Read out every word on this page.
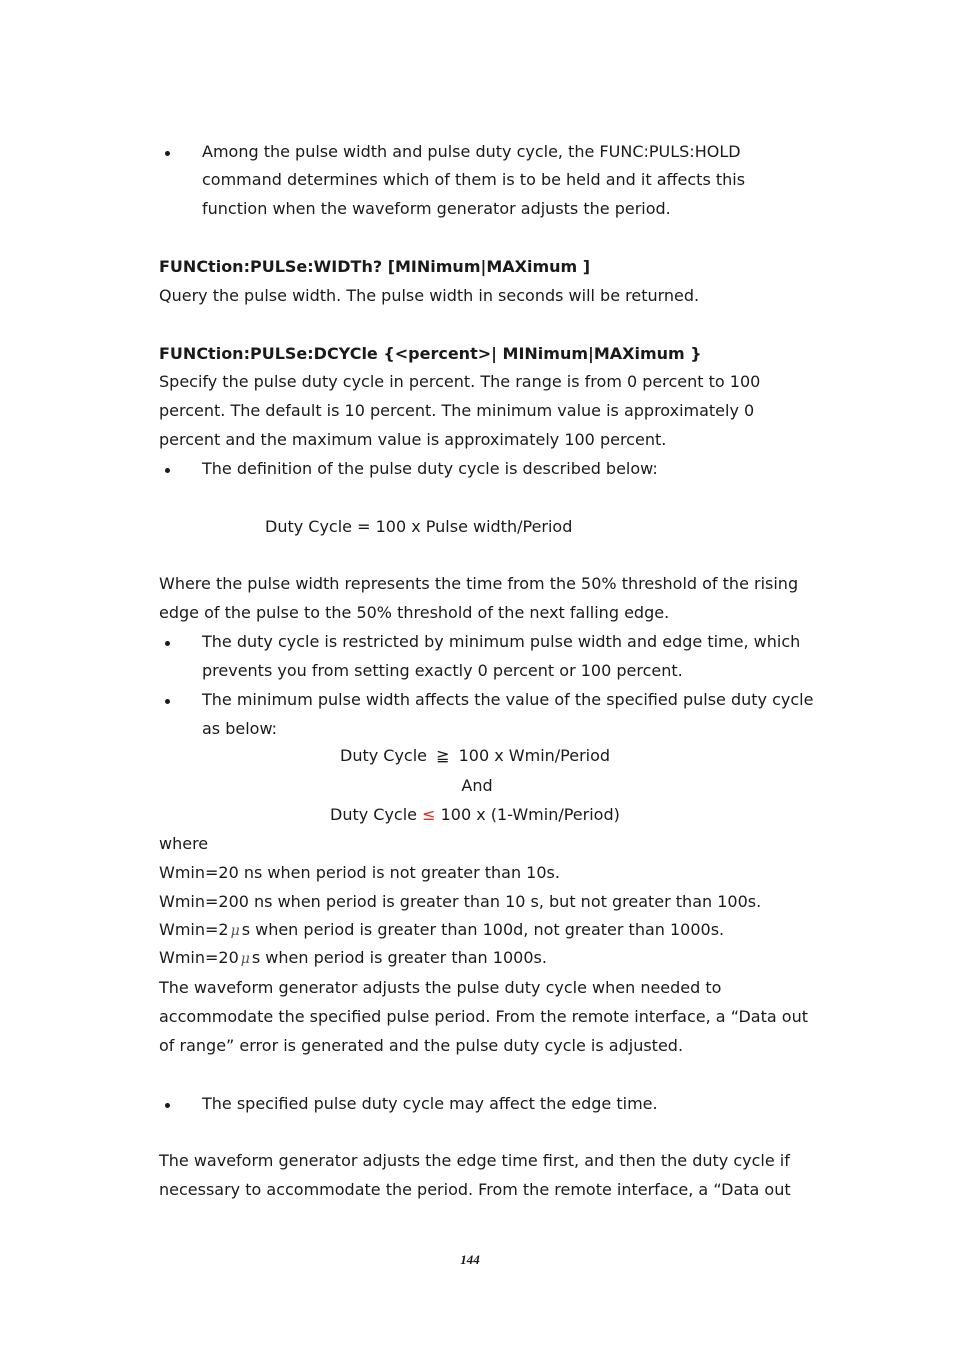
Among the pulse width and pulse duty cycle, the FUNC:PULS:HOLD

command determines which of them is to be held and it affects this

function when the waveform generator adjusts the period.

FUNCtion:PULSe:WIDTh? [MINimum|MAXimum ]

Query the pulse width. The pulse width in seconds will be returned.

FUNCtion:PULSe:DCYCle {<percent>| MINimum|MAXimum }

Specify the pulse duty cycle in percent. The range is from 0 percent to 100

percent. The default is 10 percent. The minimum value is approximately 0

percent and the maximum value is approximately 100 percent.

The definition of the pulse duty cycle is described below:

Duty Cycle = 100 x Pulse width/Period

Where the pulse width represents the time from the 50% threshold of the rising

edge of the pulse to the 50% threshold of the next falling edge.

The duty cycle is restricted by minimum pulse width and edge time, which

prevents you from setting exactly 0 percent or 100 percent.

The minimum pulse width affects the value of the specified pulse duty cycle

as below:

Duty Cycle ≧ 100 x Wmin/Period

And

Duty Cycle ≤ 100 x (1-Wmin/Period)

where

Wmin=20 ns when period is not greater than 10s.

Wmin=200 ns when period is greater than 10 s, but not greater than 100s.

Wmin=2 μ s when period is greater than 100d, not greater than 1000s.

Wmin=20 μ s when period is greater than 1000s.

The waveform generator adjusts the pulse duty cycle when needed to

accommodate the specified pulse period. From the remote interface, a “Data out

of range” error is generated and the pulse duty cycle is adjusted.

The specified pulse duty cycle may affect the edge time.

The waveform generator adjusts the edge time first, and then the duty cycle if

necessary to accommodate the period. From the remote interface, a “Data out

144
